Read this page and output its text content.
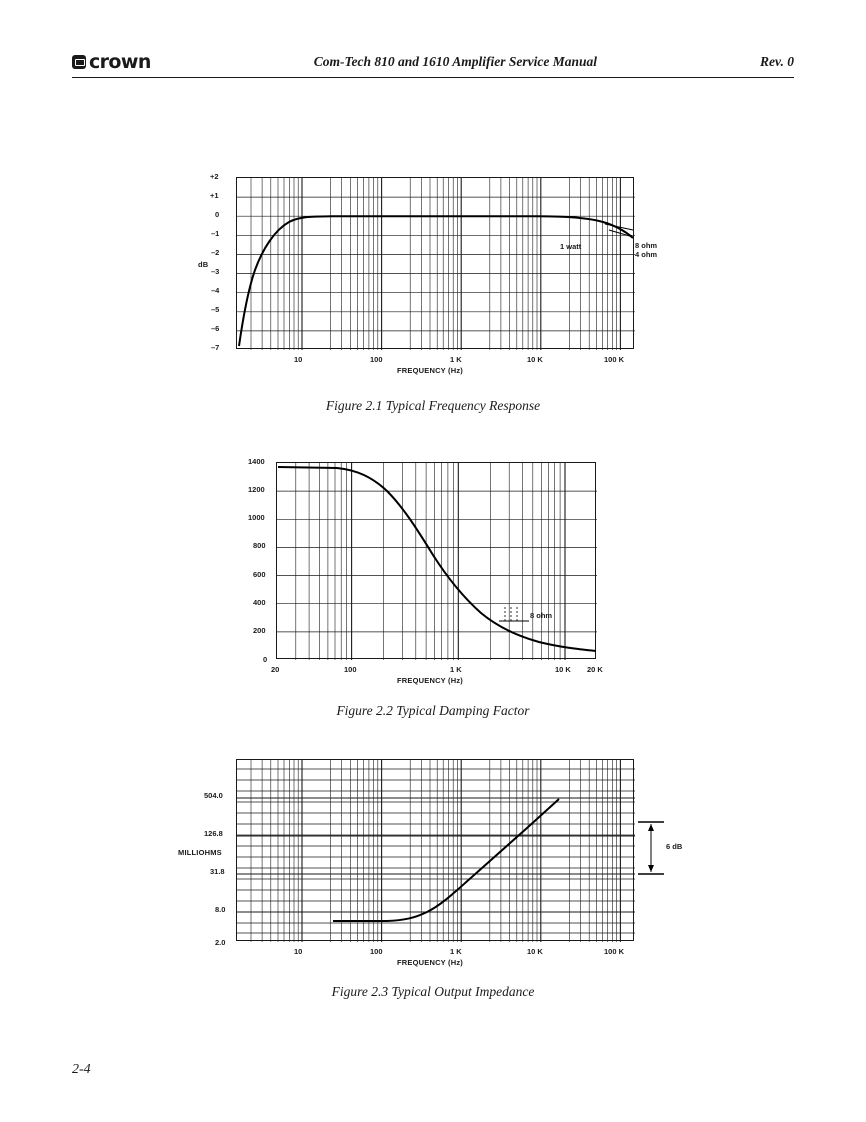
crown	Com-Tech 810 and 1610 Amplifier Service Manual	Rev. 0
+2
+1
0
–1
–2
–3
–4
–5
–6
–7
dB
10	100	1 K	10 K	100 K
FREQUENCY (Hz)
1 watt	8 ohm
4 ohm
Figure 2.1 Typical Frequency Response
1400
1200
1000
800
600
400
200
0
20	100	1 K	10 K 20 K
FREQUENCY (Hz)
8 ohm
Figure 2.2 Typical Damping Factor
504.0
126.8
31.8
8.0
2.0
MILLIOHMS
10	100	1 K	10 K	100 K
FREQUENCY (Hz)
6 dB
Figure 2.3 Typical Output Impedance
2-4
